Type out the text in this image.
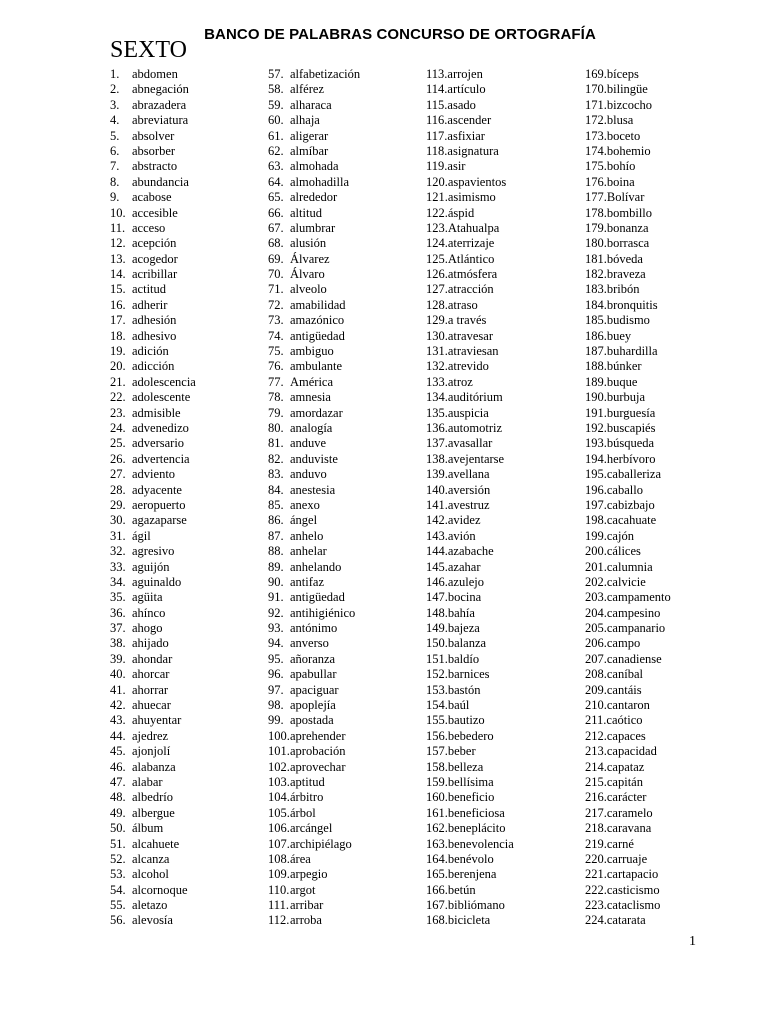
BANCO DE PALABRAS CONCURSO DE ORTOGRAFÍA
SEXTO
1. abdomen
2. abnegación
3. abrazadera
4. abreviatura
5. absolver
6. absorber
7. abstracto
8. abundancia
9. acabose
10. accesible
11. acceso
12. acepción
13. acogedor
14. acribillar
15. actitud
16. adherir
17. adhesión
18. adhesivo
19. adición
20. adicción
21. adolescencia
22. adolescente
23. admisible
24. advenedizo
25. adversario
26. advertencia
27. adviento
28. adyacente
29. aeropuerto
30. agazaparse
31. ágil
32. agresivo
33. aguijón
34. aguinaldo
35. agüita
36. ahínco
37. ahogo
38. ahijado
39. ahondar
40. ahorcar
41. ahorrar
42. ahuecar
43. ahuyentar
44. ajedrez
45. ajonjolí
46. alabanza
47. alabar
48. albedrío
49. albergue
50. álbum
51. alcahuete
52. alcanza
53. alcohol
54. alcornoque
55. aletazo
56. alevosía
57. alfabetización
58. alférez
59. alharaca
60. alhaja
61. aligerar
62. almíbar
63. almohada
64. almohadilla
65. alrededor
66. altitud
67. alumbrar
68. alusión
69. Álvarez
70. Álvaro
71. alveolo
72. amabilidad
73. amazónico
74. antigüedad
75. ambiguo
76. ambulante
77. América
78. amnesia
79. amordazar
80. analogía
81. anduve
82. anduviste
83. anduvo
84. anestesia
85. anexo
86. ángel
87. anhelo
88. anhelar
89. anhelando
90. antifaz
91. antigüedad
92. antihigiénico
93. antónimo
94. anverso
95. añoranza
96. apabullar
97. apaciguar
98. apoplejía
99. apostada
100.aprehender
101.aprobación
102.aprovechar
103.aptitud
104.árbitro
105.árbol
106.arcángel
107.archipiélago
108.área
109.arpegio
110.argot
111.arribar
112.arroba
113.arrojen
114.artículo
115.asado
116.ascender
117.asfixiar
118.asignatura
119.asir
120.aspavientos
121.asimismo
122.áspid
123.Atahualpa
124.aterrizaje
125.Atlántico
126.atmósfera
127.atracción
128.atraso
129.a través
130.atravesar
131.atraviesan
132.atrevido
133.atroz
134.auditórium
135.auspicia
136.automotriz
137.avasallar
138.avejentarse
139.avellana
140.aversión
141.avestruz
142.avidez
143.avión
144.azabache
145.azahar
146.azulejo
147.bocina
148.bahía
149.bajeza
150.balanza
151.baldío
152.barnices
153.bastón
154.baúl
155.bautizo
156.bebedero
157.beber
158.belleza
159.bellísima
160.beneficio
161.beneficiosa
162.beneplácito
163.benevolencia
164.benévolo
165.berenjena
166.betún
167.bibliómano
168.bicicleta
169.bíceps
170.bilingüe
171.bizcocho
172.blusa
173.boceto
174.bohemio
175.bohío
176.boina
177.Bolívar
178.bombillo
179.bonanza
180.borrasca
181.bóveda
182.braveza
183.bribón
184.bronquitis
185.budismo
186.buey
187.buhardilla
188.búnker
189.buque
190.burbuja
191.burguesía
192.buscapiés
193.búsqueda
194.herbívoro
195.caballeriza
196.caballo
197.cabizbajo
198.cacahuate
199.cajón
200.cálices
201.calumnia
202.calvicie
203.campamento
204.campesino
205.campanario
206.campo
207.canadiense
208.caníbal
209.cantáis
210.cantaron
211.caótico
212.capaces
213.capacidad
214.capataz
215.capitán
216.carácter
217.caramelo
218.caravana
219.carné
220.carruaje
221.cartapacio
222.casticismo
223.cataclismo
224.catarata
1
